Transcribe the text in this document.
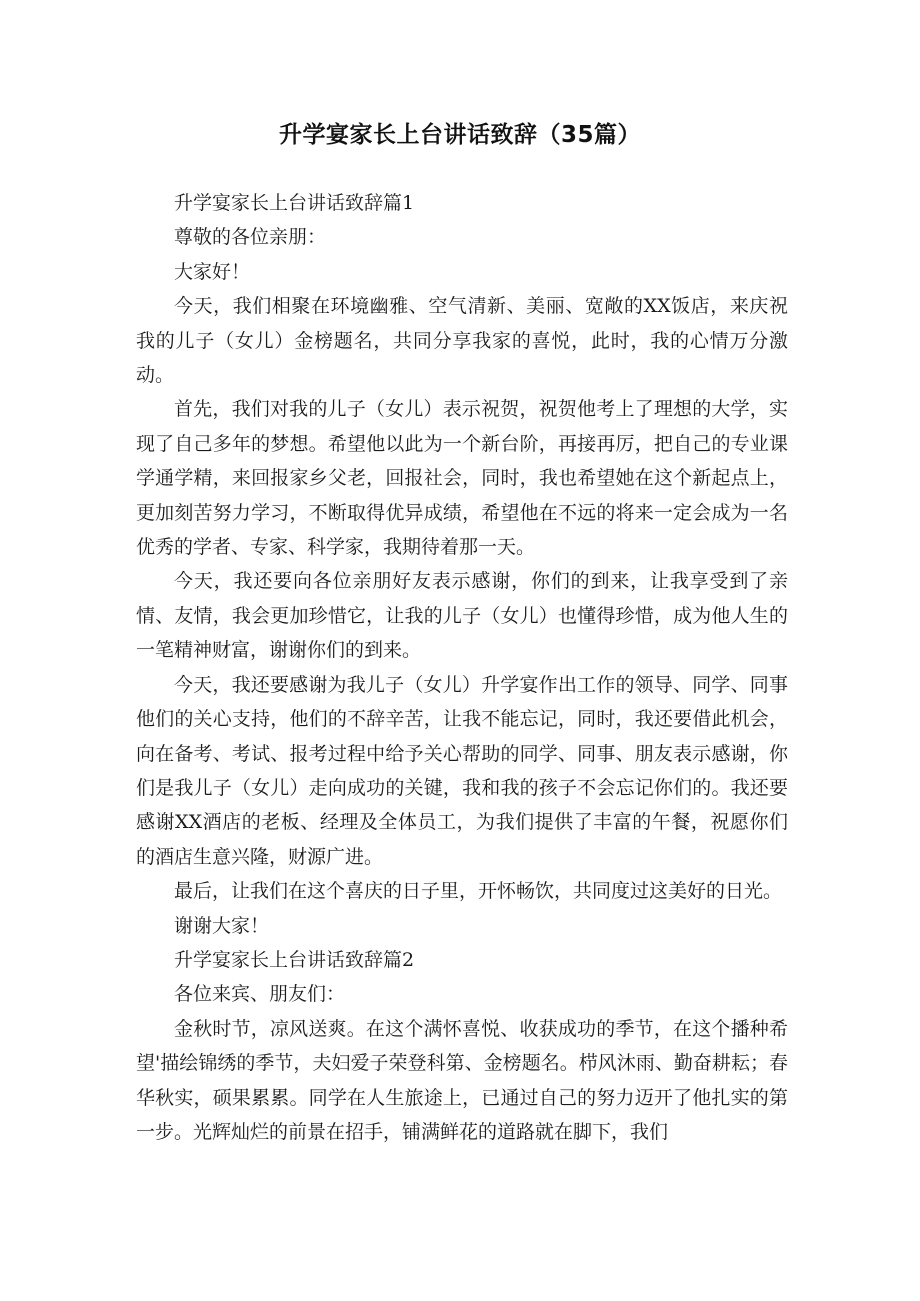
升学宴家长上台讲话致辞（35篇）

升学宴家长上台讲话致辞篇1

尊敬的各位亲朋：

大家好！

今天，我们相聚在环境幽雅、空气清新、美丽、宽敞的XX饭店，来庆祝我的儿子（女儿）金榜题名，共同分享我家的喜悦，此时，我的心情万分激动。

首先，我们对我的儿子（女儿）表示祝贺，祝贺他考上了理想的大学，实现了自己多年的梦想。希望他以此为一个新台阶，再接再厉，把自己的专业课学通学精，来回报家乡父老，回报社会，同时，我也希望她在这个新起点上，更加刻苦努力学习，不断取得优异成绩，希望他在不远的将来一定会成为一名优秀的学者、专家、科学家，我期待着那一天。

今天，我还要向各位亲朋好友表示感谢，你们的到来，让我享受到了亲情、友情，我会更加珍惜它，让我的儿子（女儿）也懂得珍惜，成为他人生的一笔精神财富，谢谢你们的到来。

今天，我还要感谢为我儿子（女儿）升学宴作出工作的领导、同学、同事他们的关心支持，他们的不辞辛苦，让我不能忘记，同时，我还要借此机会，向在备考、考试、报考过程中给予关心帮助的同学、同事、朋友表示感谢，你们是我儿子（女儿）走向成功的关键，我和我的孩子不会忘记你们的。我还要感谢XX酒店的老板、经理及全体员工，为我们提供了丰富的午餐，祝愿你们的酒店生意兴隆，财源广进。

最后，让我们在这个喜庆的日子里，开怀畅饮，共同度过这美好的日光。

谢谢大家！

升学宴家长上台讲话致辞篇2

各位来宾、朋友们：

金秋时节，凉风送爽。在这个满怀喜悦、收获成功的季节，在这个播种希望'描绘锦绣的季节，夫妇爱子荣登科第、金榜题名。栉风沐雨、勤奋耕耘；春华秋实，硕果累累。同学在人生旅途上，已通过自己的努力迈开了他扎实的第一步。光辉灿烂的前景在招手，铺满鲜花的道路就在脚下，我们
